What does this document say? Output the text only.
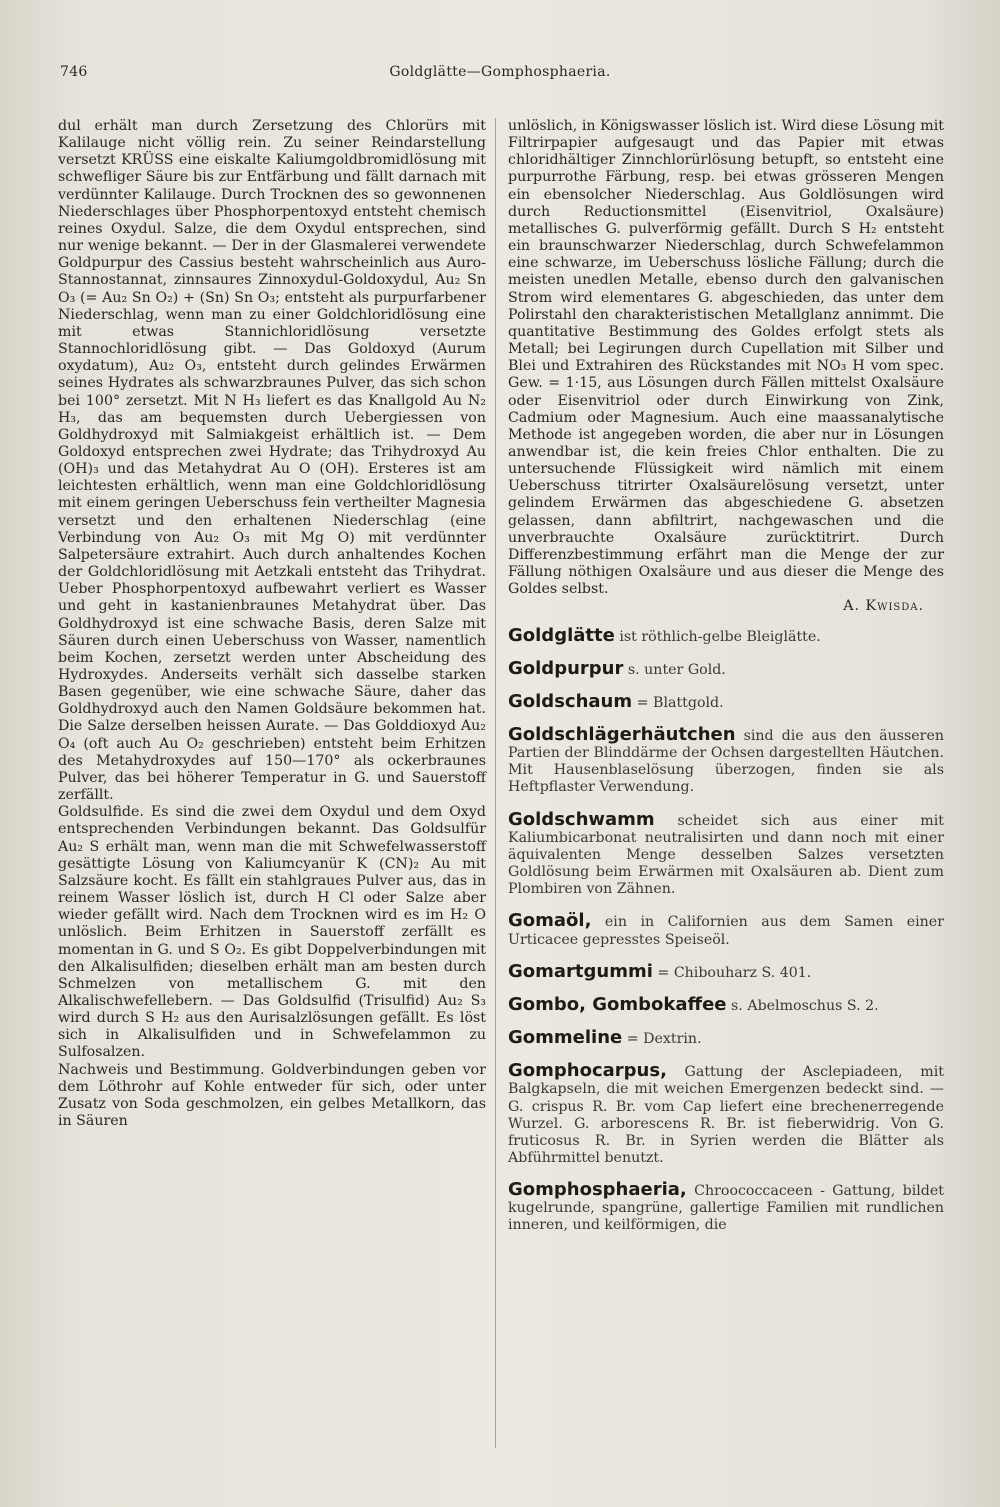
746	Goldglätte—Gomphosphaeria.

dul erhält man durch Zersetzung des Chlorürs mit Kalilauge nicht völlig rein. Zu seiner Reindarstellung versetzt KRÜSS eine eiskalte Kaliumgoldbromidlösung mit schwefliger Säure bis zur Entfärbung und fällt darnach mit verdünnter Kalilauge. Durch Trocknen des so gewonnenen Niederschlages über Phosphorpentoxyd entsteht chemisch reines Oxydul. Salze, die dem Oxydul entsprechen, sind nur wenige bekannt. — Der in der Glasmalerei verwendete Goldpurpur des Cassius besteht wahrscheinlich aus Auro-Stannostannat, zinnsaures Zinnoxydul-Goldoxydul, Au₂ Sn O₃ (= Au₂ Sn O₂) + (Sn) Sn O₃; entsteht als purpurfarbener Niederschlag, wenn man zu einer Goldchloridlösung eine mit etwas Stannichloridlösung versetzte Stannochloridlösung gibt. — Das Goldoxyd (Aurum oxydatum), Au₂ O₃, entsteht durch gelindes Erwärmen seines Hydrates als schwarzbraunes Pulver, das sich schon bei 100° zersetzt. Mit N H₃ liefert es das Knallgold Au N₂ H₃, das am bequemsten durch Uebergiessen von Goldhydroxyd mit Salmiakgeist erhältlich ist. — Dem Goldoxyd entsprechen zwei Hydrate; das Trihydroxyd Au (OH)₃ und das Metahydrat Au O (OH). Ersteres ist am leichtesten erhältlich, wenn man eine Goldchloridlösung mit einem geringen Ueberschuss fein vertheilter Magnesia versetzt und den erhaltenen Niederschlag (eine Verbindung von Au₂ O₃ mit Mg O) mit verdünnter Salpetersäure extrahirt. Auch durch anhaltendes Kochen der Goldchloridlösung mit Aetzkali entsteht das Trihydrat. Ueber Phosphorpentoxyd aufbewahrt verliert es Wasser und geht in kastanienbraunes Metahydrat über. Das Goldhydroxyd ist eine schwache Basis, deren Salze mit Säuren durch einen Ueberschuss von Wasser, namentlich beim Kochen, zersetzt werden unter Abscheidung des Hydroxydes. Anderseits verhält sich dasselbe starken Basen gegenüber, wie eine schwache Säure, daher das Goldhydroxyd auch den Namen Goldsäure bekommen hat. Die Salze derselben heissen Aurate. — Das Golddioxyd Au₂ O₄ (oft auch Au O₂ geschrieben) entsteht beim Erhitzen des Metahydroxydes auf 150—170° als ockerbraunes Pulver, das bei höherer Temperatur in G. und Sauerstoff zerfällt.

Goldsulfide. Es sind die zwei dem Oxydul und dem Oxyd entsprechenden Verbindungen bekannt. Das Goldsulfür Au₂ S erhält man, wenn man die mit Schwefelwasserstoff gesättigte Lösung von Kaliumcyanür K (CN)₂ Au mit Salzsäure kocht. Es fällt ein stahlgraues Pulver aus, das in reinem Wasser löslich ist, durch H Cl oder Salze aber wieder gefällt wird. Nach dem Trocknen wird es im H₂ O unlöslich. Beim Erhitzen in Sauerstoff zerfällt es momentan in G. und S O₂. Es gibt Doppelverbindungen mit den Alkalisulfiden; dieselben erhält man am besten durch Schmelzen von metallischem G. mit den Alkalischwefellebern. — Das Goldsulfid (Trisulfid) Au₂ S₃ wird durch S H₂ aus den Aurisalzlösungen gefällt. Es löst sich in Alkalisulfiden und in Schwefelammon zu Sulfosalzen.

Nachweis und Bestimmung. Goldverbindungen geben vor dem Löthrohr auf Kohle entweder für sich, oder unter Zusatz von Soda geschmolzen, ein gelbes Metallkorn, das in Säuren

unlöslich, in Königswasser löslich ist. Wird diese Lösung mit Filtrirpapier aufgesaugt und das Papier mit etwas chloridhältiger Zinnchlorürlösung betupft, so entsteht eine purpurrothe Färbung, resp. bei etwas grösseren Mengen ein ebensolcher Niederschlag. Aus Goldlösungen wird durch Reductionsmittel (Eisenvitriol, Oxalsäure) metallisches G. pulverförmig gefällt. Durch S H₂ entsteht ein braunschwarzer Niederschlag, durch Schwefelammon eine schwarze, im Ueberschuss lösliche Fällung; durch die meisten unedlen Metalle, ebenso durch den galvanischen Strom wird elementares G. abgeschieden, das unter dem Polirstahl den charakteristischen Metallglanz annimmt. Die quantitative Bestimmung des Goldes erfolgt stets als Metall; bei Legirungen durch Cupellation mit Silber und Blei und Extrahiren des Rückstandes mit NO₃ H vom spec. Gew. = 1·15, aus Lösungen durch Fällen mittelst Oxalsäure oder Eisenvitriol oder durch Einwirkung von Zink, Cadmium oder Magnesium. Auch eine maassanalytische Methode ist angegeben worden, die aber nur in Lösungen anwendbar ist, die kein freies Chlor enthalten. Die zu untersuchende Flüssigkeit wird nämlich mit einem Ueberschuss titrirter Oxalsäurelösung versetzt, unter gelindem Erwärmen das abgeschiedene G. absetzen gelassen, dann abfiltrirt, nachgewaschen und die unverbrauchte Oxalsäure zurücktitrirt. Durch Differenzbestimmung erfährt man die Menge der zur Fällung nöthigen Oxalsäure und aus dieser die Menge des Goldes selbst.

A. Kwisda.

Goldglätte ist röthlich-gelbe Bleiglätte.

Goldpurpur s. unter Gold.

Goldschaum = Blattgold.

Goldschlägerhäutchen sind die aus den äusseren Partien der Blinddärme der Ochsen dargestellten Häutchen. Mit Hausenblaselösung überzogen, finden sie als Heftpflaster Verwendung.

Goldschwamm scheidet sich aus einer mit Kaliumbicarbonat neutralisirten und dann noch mit einer äquivalenten Menge desselben Salzes versetzten Goldlösung beim Erwärmen mit Oxalsäuren ab. Dient zum Plombiren von Zähnen.

Gomaöl, ein in Californien aus dem Samen einer Urticacee gepresstes Speiseöl.

Gomartgummi = Chibouharz S. 401.

Gombo, Gombokaffee s. Abelmoschus S. 2.

Gommeline = Dextrin.

Gomphocarpus, Gattung der Asclepiadeen, mit Balgkapseln, die mit weichen Emergenzen bedeckt sind. — G. crispus R. Br. vom Cap liefert eine brechenerregende Wurzel. G. arborescens R. Br. ist fieberwidrig. Von G. fruticosus R. Br. in Syrien werden die Blätter als Abführmittel benutzt.

Gomphosphaeria, Chroococcaceen - Gattung, bildet kugelrunde, spangrüne, gallertige Familien mit rundlichen inneren, und keilförmigen, die
